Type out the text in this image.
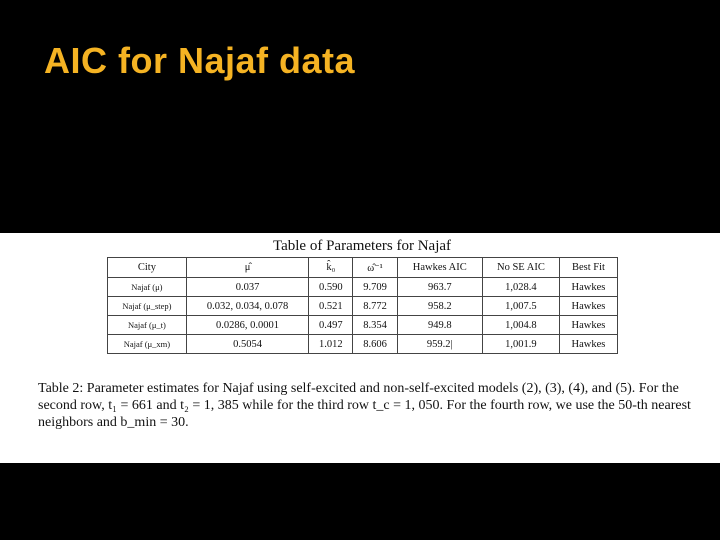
AIC for Najaf data
Table of Parameters for Najaf
City	μ̂	k̂₀	ω̂⁻¹	Hawkes AIC	No SE AIC	Best Fit
Najaf (μ)	0.037	0.590	9.709	963.7	1,028.4	Hawkes
Najaf (μ_step)	0.032, 0.034, 0.078	0.521	8.772	958.2	1,007.5	Hawkes
Najaf (μ_t)	0.0286, 0.0001	0.497	8.354	949.8	1,004.8	Hawkes
Najaf (μ_xm)	0.5054	1.012	8.606	959.2|	1,001.9	Hawkes
Table 2: Parameter estimates for Najaf using self-excited and non-self-excited models (2), (3), (4), and (5). For the second row, t₁ = 661 and t₂ = 1, 385 while for the third row t_c = 1, 050. For the fourth row, we use the 50-th nearest neighbors and b_min = 30.
